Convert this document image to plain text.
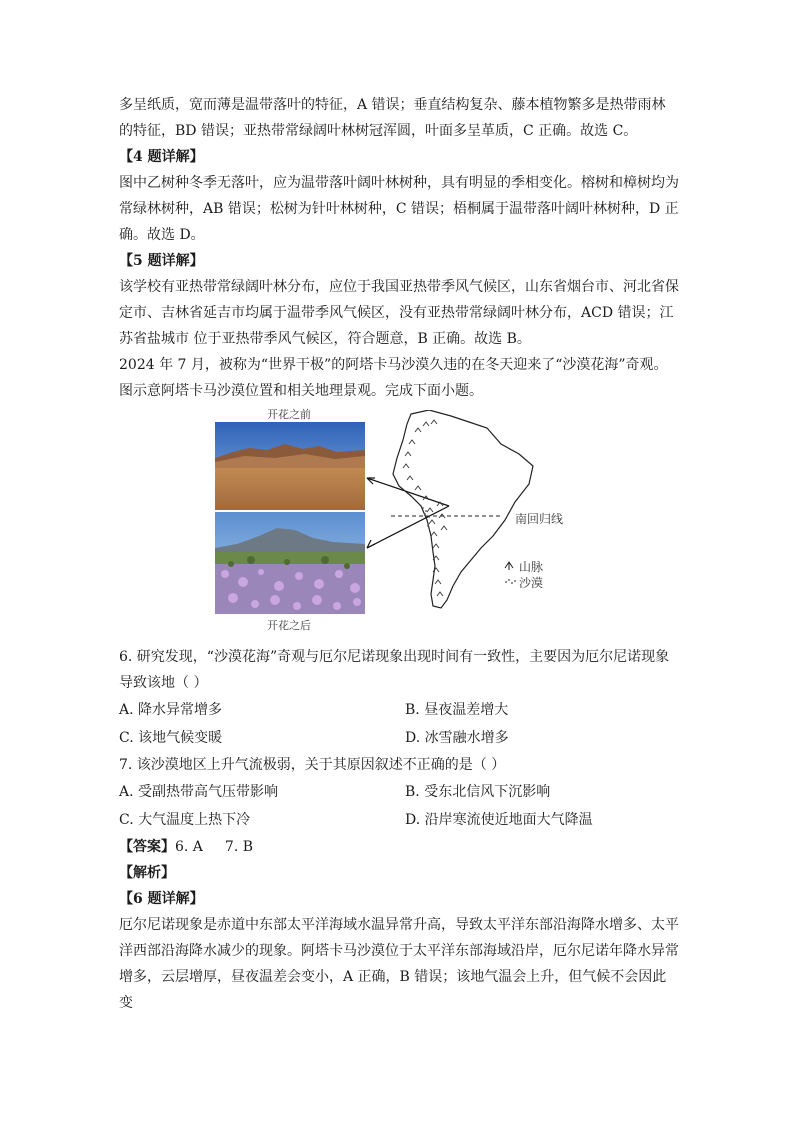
多呈纸质，宽而薄是温带落叶的特征，A 错误；垂直结构复杂、藤本植物繁多是热带雨林的特征，BD 错误；亚热带常绿阔叶林树冠浑圆，叶面多呈革质，C 正确。故选 C。

【4 题详解】

图中乙树种冬季无落叶，应为温带落叶阔叶林树种，具有明显的季相变化。榕树和樟树均为常绿林树种，AB 错误；松树为针叶林树种，C 错误；梧桐属于温带落叶阔叶林树种，D 正确。故选 D。

【5 题详解】

该学校有亚热带常绿阔叶林分布，应位于我国亚热带季风气候区，山东省烟台市、河北省保定市、吉林省延吉市均属于温带季风气候区，没有亚热带常绿阔叶林分布，ACD 错误；江苏省盐城市 位于亚热带季风气候区，符合题意，B 正确。故选 B。

2024 年 7 月，被称为“世界干极”的阿塔卡马沙漠久违的在冬天迎来了“沙漠花海”奇观。图示意阿塔卡马沙漠位置和相关地理景观。完成下面小题。

开花之前
开花之后
南回归线
山脉
沙漠

6. 研究发现，“沙漠花海”奇观与厄尔尼诺现象出现时间有一致性，主要因为厄尔尼诺现象导致该地（ ）

A. 降水异常增多	B. 昼夜温差增大
C. 该地气候变暖	D. 冰雪融水增多

7. 该沙漠地区上升气流极弱，关于其原因叙述不正确的是（ ）

A. 受副热带高气压带影响	B. 受东北信风下沉影响
C. 大气温度上热下冷	D. 沿岸寒流使近地面大气降温

【答案】6. A 7. B

【解析】

【6 题详解】

厄尔尼诺现象是赤道中东部太平洋海域水温异常升高，导致太平洋东部沿海降水增多、太平洋西部沿海降水减少的现象。阿塔卡马沙漠位于太平洋东部海域沿岸，厄尔尼诺年降水异常增多，云层增厚，昼夜温差会变小，A 正确，B 错误；该地气温会上升，但气候不会因此变
